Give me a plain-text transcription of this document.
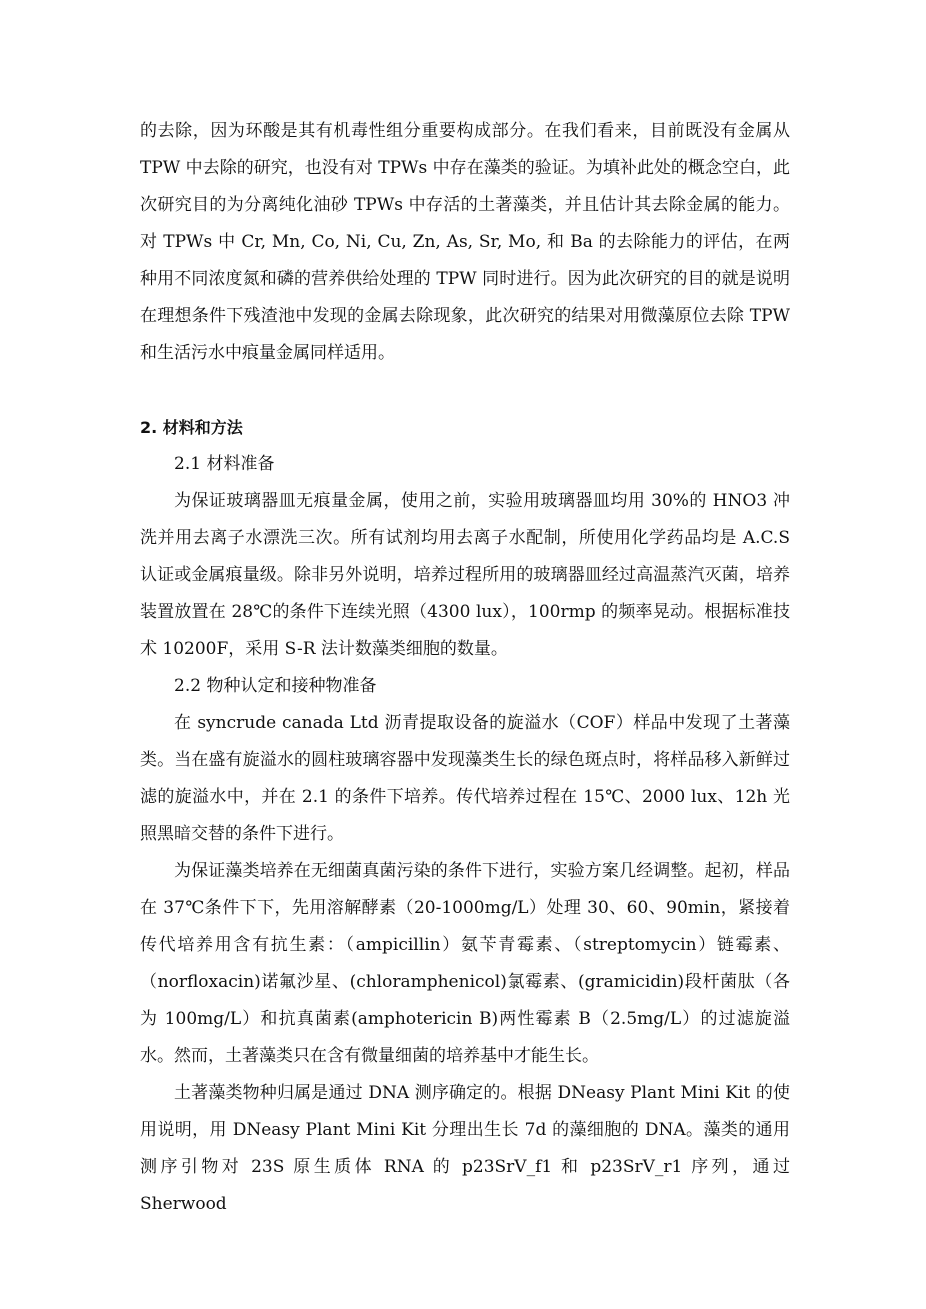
的去除，因为环酸是其有机毒性组分重要构成部分。在我们看来，目前既没有金属从 TPW 中去除的研究，也没有对 TPWs 中存在藻类的验证。为填补此处的概念空白，此次研究目的为分离纯化油砂 TPWs 中存活的土著藻类，并且估计其去除金属的能力。对 TPWs 中 Cr, Mn, Co, Ni, Cu, Zn, As, Sr, Mo, 和 Ba 的去除能力的评估，在两种用不同浓度氮和磷的营养供给处理的 TPW 同时进行。因为此次研究的目的就是说明在理想条件下残渣池中发现的金属去除现象，此次研究的结果对用微藻原位去除 TPW 和生活污水中痕量金属同样适用。

2. 材料和方法

2.1 材料准备

为保证玻璃器皿无痕量金属，使用之前，实验用玻璃器皿均用 30%的 HNO3 冲洗并用去离子水漂洗三次。所有试剂均用去离子水配制，所使用化学药品均是 A.C.S 认证或金属痕量级。除非另外说明，培养过程所用的玻璃器皿经过高温蒸汽灭菌，培养装置放置在 28℃的条件下连续光照（4300 lux），100rmp 的频率晃动。根据标准技术 10200F，采用 S-R 法计数藻类细胞的数量。

2.2 物种认定和接种物准备

在 syncrude canada Ltd 沥青提取设备的旋溢水（COF）样品中发现了土著藻类。当在盛有旋溢水的圆柱玻璃容器中发现藻类生长的绿色斑点时，将样品移入新鲜过滤的旋溢水中，并在 2.1 的条件下培养。传代培养过程在 15℃、2000 lux、12h 光照黑暗交替的条件下进行。

为保证藻类培养在无细菌真菌污染的条件下进行，实验方案几经调整。起初，样品在 37℃条件下下，先用溶解酵素（20-1000mg/L）处理 30、60、90min，紧接着传代培养用含有抗生素：（ampicillin）氨苄青霉素、（streptomycin）链霉素、（norfloxacin)诺氟沙星、(chloramphenicol)氯霉素、(gramicidin)段杆菌肽（各为 100mg/L）和抗真菌素(amphotericin B)两性霉素 B（2.5mg/L）的过滤旋溢水。然而，土著藻类只在含有微量细菌的培养基中才能生长。

土著藻类物种归属是通过 DNA 测序确定的。根据 DNeasy Plant Mini Kit 的使用说明，用 DNeasy Plant Mini Kit 分理出生长 7d 的藻细胞的 DNA。藻类的通用测序引物对 23S 原生质体 RNA 的 p23SrV_f1 和 p23SrV_r1 序列，通过 Sherwood
